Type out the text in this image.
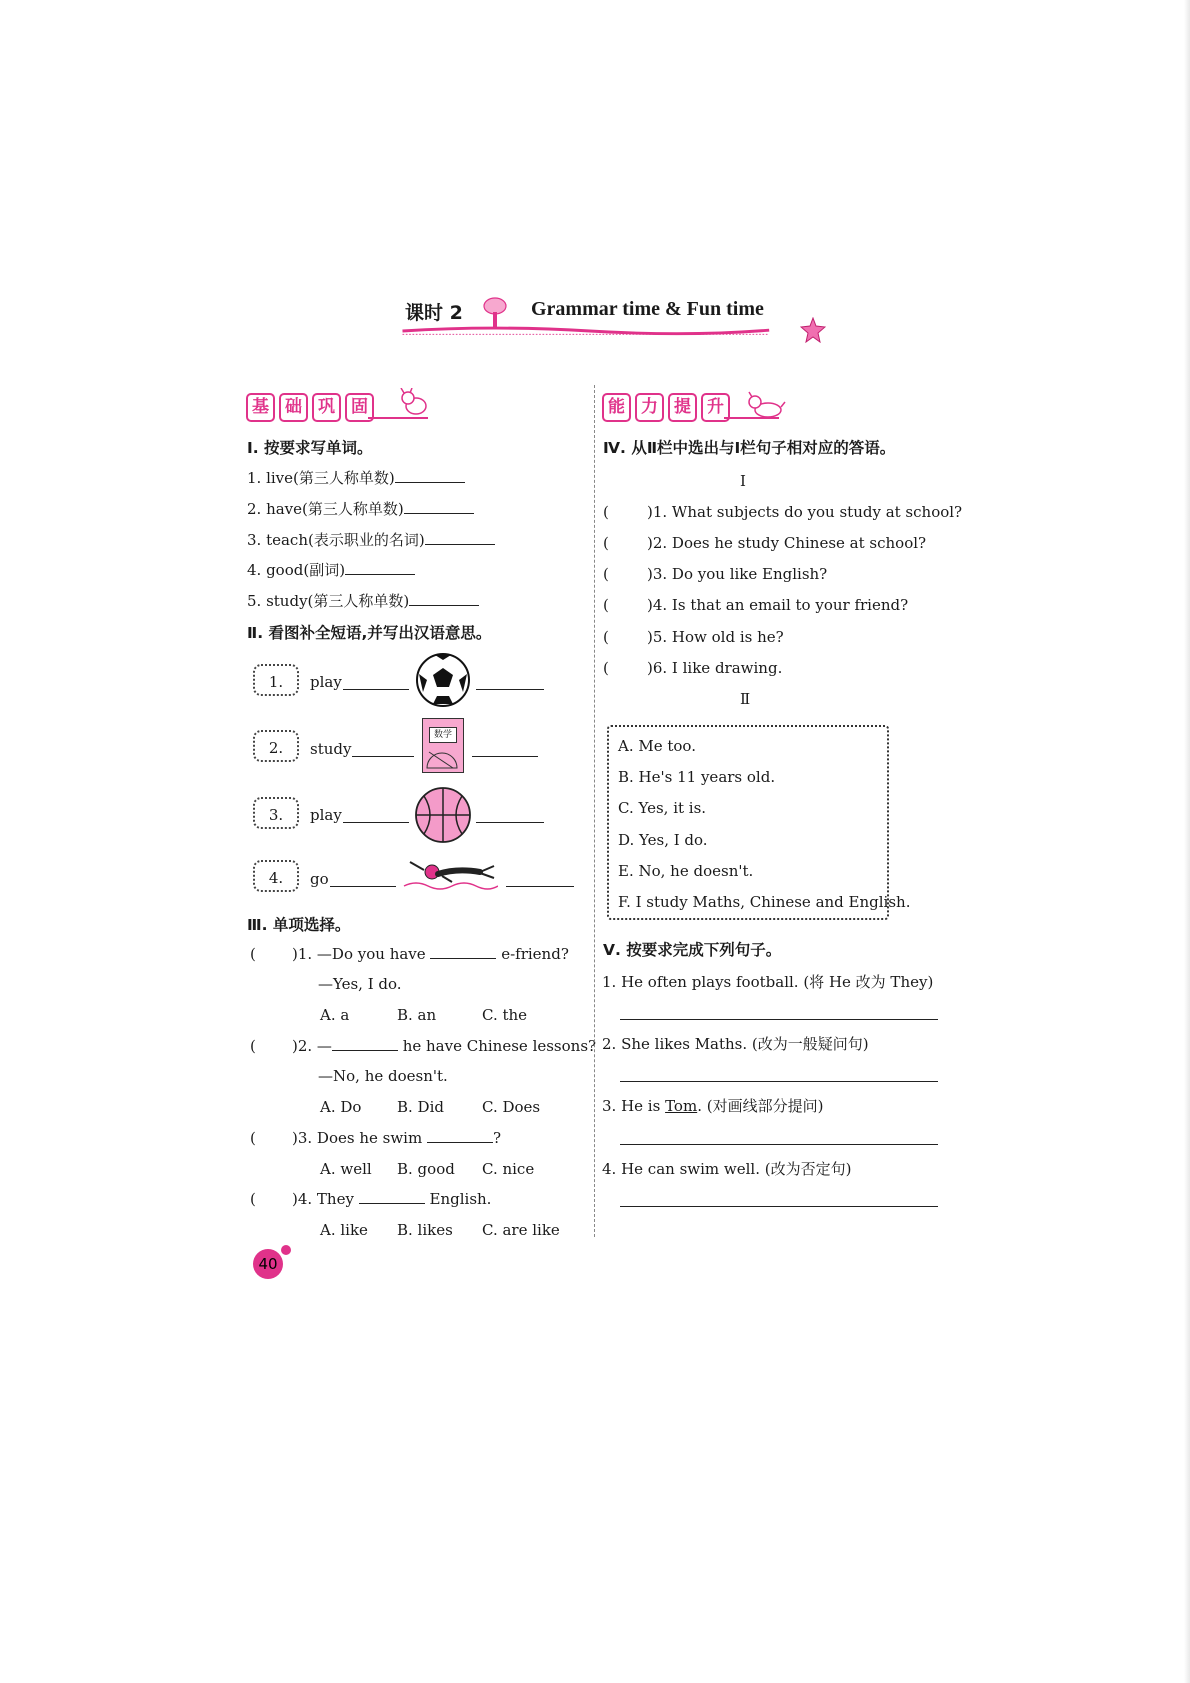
课时 2	Grammar time & Fun time
基 础 巩 固
Ⅰ. 按要求写单词。
1. live(第三人称单数)
2. have(第三人称单数)
3. teach(表示职业的名词)
4. good(副词)
5. study(第三人称单数)
Ⅱ. 看图补全短语,并写出汉语意思。
1.	play
2.	study
数学
3.	play
4.	go
Ⅲ. 单项选择。
( )1. —Do you have	e-friend?
—Yes, I do.
A. a	B. an	C. the
( )2. —	he have Chinese lessons?
—No, he doesn't.
A. Do B. Did	C. Does
( )3. Does he swim	?
A. well B. good C. nice
( )4. They	English.
A. like B. likes C. are like
能 力 提 升
Ⅳ. 从Ⅱ栏中选出与Ⅰ栏句子相对应的答语。
Ⅰ
(	)1. What subjects do you study at school?
(	)2. Does he study Chinese at school?
(	)3. Do you like English?
(	)4. Is that an email to your friend?
(	)5. How old is he?
(	)6. I like drawing.
Ⅱ
A. Me too.
B. He's 11 years old.
C. Yes, it is.
D. Yes, I do.
E. No, he doesn't.
F. I study Maths, Chinese and English.
Ⅴ. 按要求完成下列句子。
1. He often plays football. (将 He 改为 They)
2. She likes Maths. (改为一般疑问句)
3. He is Tom. (对画线部分提问)
4. He can swim well. (改为否定句)
40
